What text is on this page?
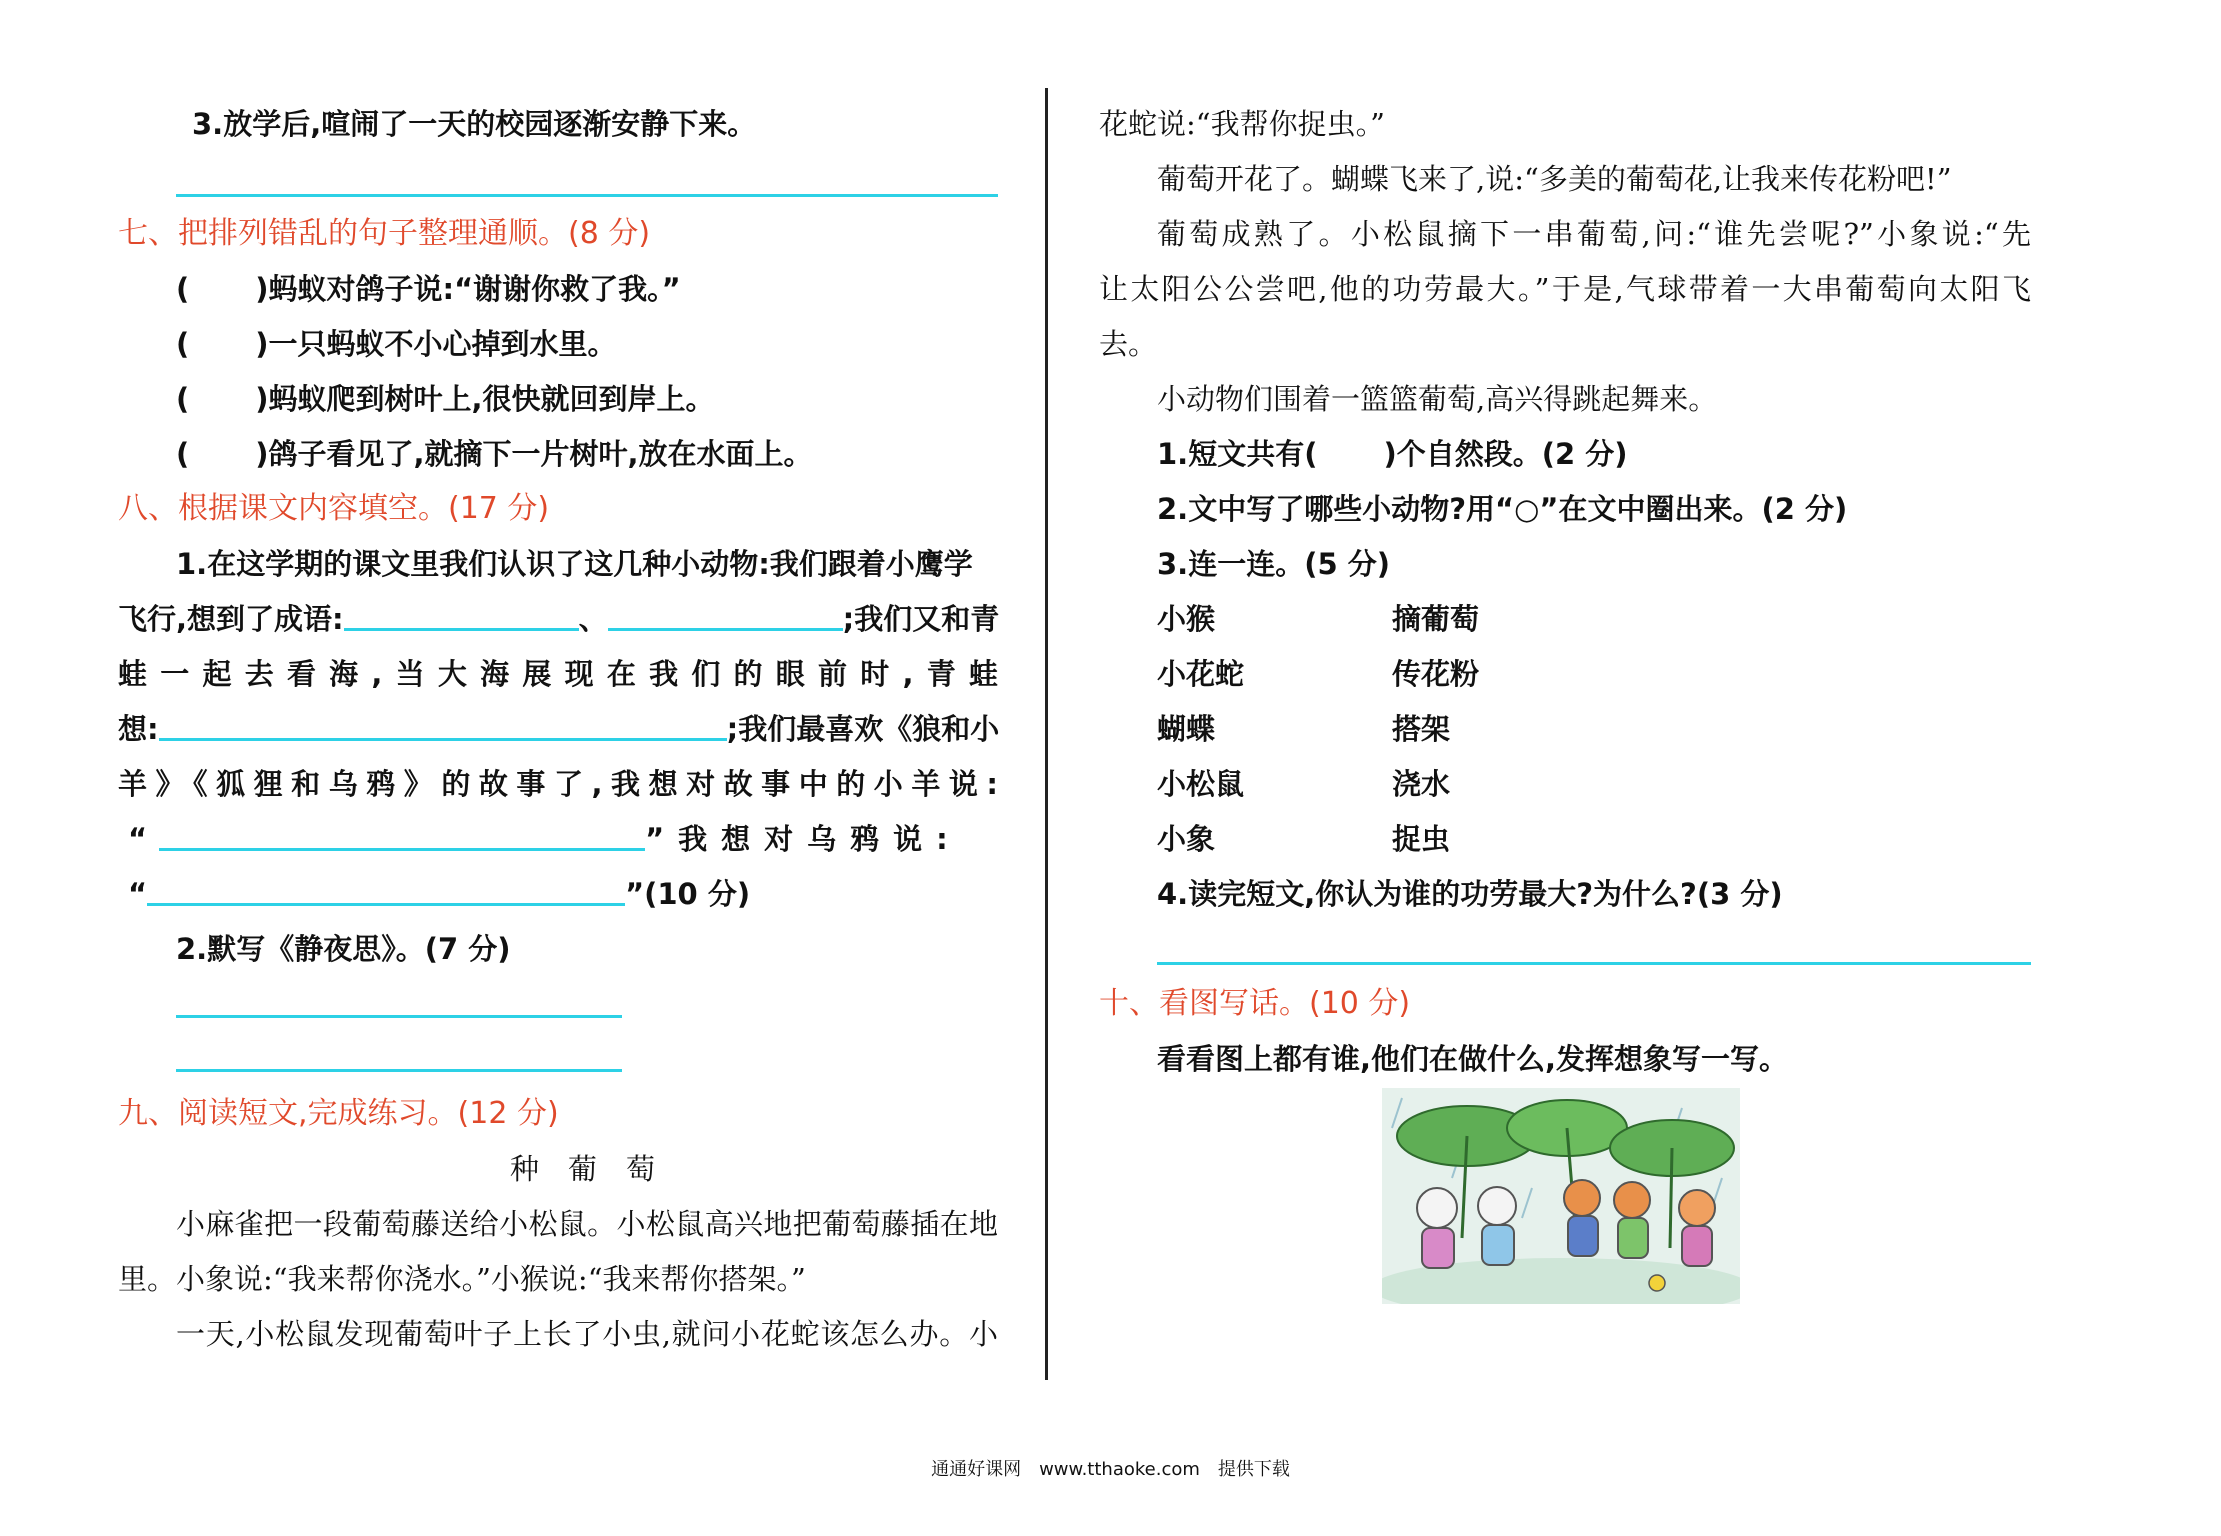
3.放学后,喧闹了一天的校园逐渐安静下来。
七、把排列错乱的句子整理通顺。(8 分)
( )蚂蚁对鸽子说:“谢谢你救了我。”
( )一只蚂蚁不小心掉到水里。
( )蚂蚁爬到树叶上,很快就回到岸上。
( )鸽子看见了,就摘下一片树叶,放在水面上。
八、根据课文内容填空。(17 分)
1.在这学期的课文里我们认识了这几种小动物:我们跟着小鹰学
飞行,想到了成语:	、	;我们又和青
蛙一起去看海,当大海展现在我们的眼前时,青蛙
想:	;我们最喜欢《狼和小
羊》《狐狸和乌鸦》的故事了,我想对故事中的小羊说:
“	”我想对乌鸦说:
“	”(10 分)
2.默写《静夜思》。(7 分)
九、阅读短文,完成练习。(12 分)
种　葡　萄
小麻雀把一段葡萄藤送给小松鼠。小松鼠高兴地把葡萄藤插在地
里。小象说:“我来帮你浇水。”小猴说:“我来帮你搭架。”
一天,小松鼠发现葡萄叶子上长了小虫,就问小花蛇该怎么办。小
花蛇说:“我帮你捉虫。”
葡萄开花了。蝴蝶飞来了,说:“多美的葡萄花,让我来传花粉吧!”
葡萄成熟了。小松鼠摘下一串葡萄,问:“谁先尝呢?”小象说:“先
让太阳公公尝吧,他的功劳最大。”于是,气球带着一大串葡萄向太阳飞
去。
小动物们围着一篮篮葡萄,高兴得跳起舞来。
1.短文共有( )个自然段。(2 分)
2.文中写了哪些小动物?用“○”在文中圈出来。(2 分)
3.连一连。(5 分)
小猴	摘葡萄
小花蛇	传花粉
蝴蝶	搭架
小松鼠	浇水
小象	捉虫
4.读完短文,你认为谁的功劳最大?为什么?(3 分)
十、看图写话。(10 分)
看看图上都有谁,他们在做什么,发挥想象写一写。
通通好课网　www.tthaoke.com　提供下载
